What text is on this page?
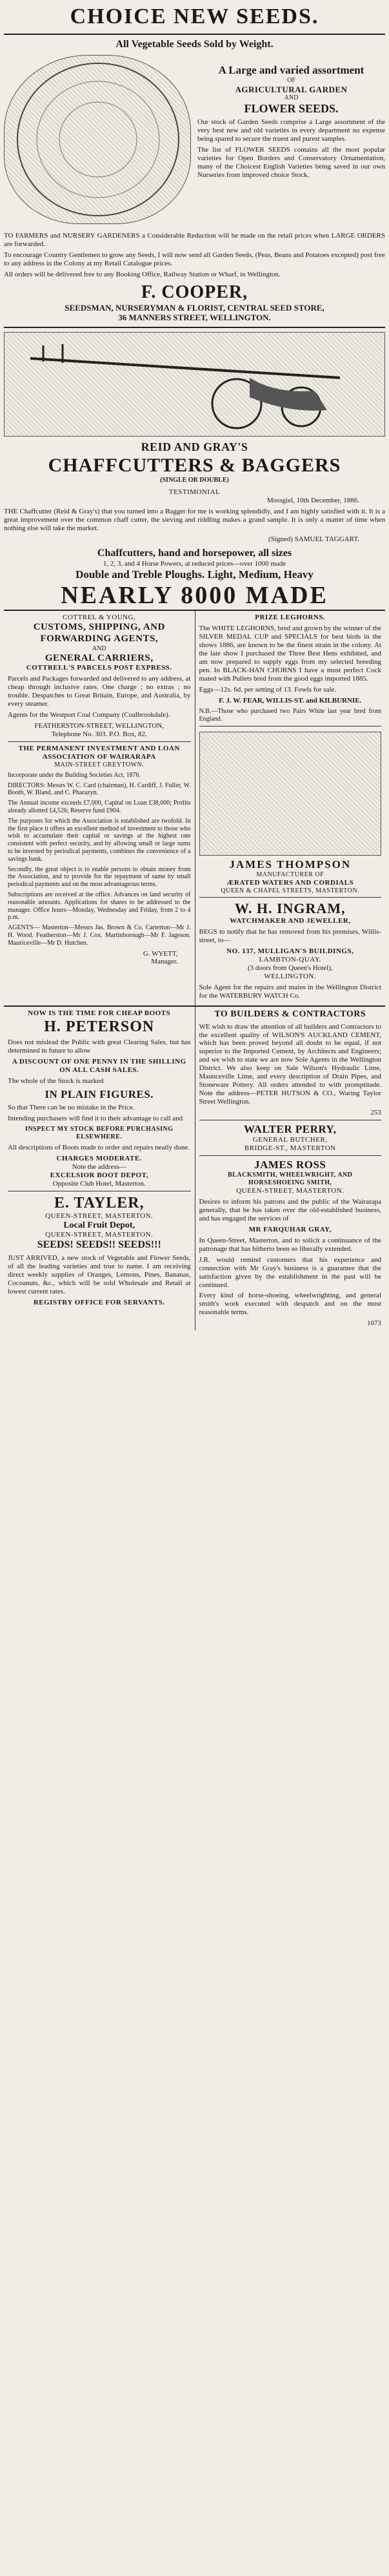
CHOICE NEW SEEDS.
All Vegetable Seeds Sold by Weight.
A Large and varied assortment
OF
AGRICULTURAL GARDEN
AND
FLOWER SEEDS.

Our stock of Garden Seeds comprise a Large assortment of the very best new and old varieties in every department no expense being spared to secure the truest and purest samples.

The list of FLOWER SEEDS contains all the most popular varieties for Open Borders and Conservatory Ornamentation, many of the Choicest English Varieties being saved in our own Nurseries from improved choice Stock.

TO FARMERS and NURSERY GARDENERS a Considerable Reduction will be made on the retail prices when LARGE ORDERS are forwarded.

To encourage Country Gentlemen to grow any Seeds, I will now send all Garden Seeds, (Peas, Beans and Potatoes excepted) post free to any address in the Colony at my Retail Catalogue prices.

All orders will be delivered free to any Booking Office, Railway Station or Wharf, in Wellington.

F. COOPER,
SEEDSMAN, NURSERYMAN & FLORIST, CENTRAL SEED STORE,
36 MANNERS STREET, WELLINGTON.
REID AND GRAY'S
CHAFFCUTTERS & BAGGERS
(SINGLE OR DOUBLE)
TESTIMONIAL
Mossgiel, 10th December, 1886.

THE Chaffcutter (Reid & Gray's) that you turned into a Bagger for me is working splendidly, and I am highly satisfied with it. It is a great improvement over the common chaff cutter, the sieving and riddling makes a grand sample. It is only a matter of time when nothing else will take the market.

(Signed) SAMUEL TAGGART.
Chaffcutters, hand and horsepower, all sizes
1, 2, 3, and 4 Horse Powers, at reduced prices—over 1000 made
Double and Treble Ploughs. Light, Medium, Heavy
NEARLY 8000 MADE
COTTREL & YOUNG,
CUSTOMS, SHIPPING, AND FORWARDING AGENTS,
AND
GENERAL CARRIERS,
COTTRELL'S PARCELS POST EXPRESS.

Parcels and Packages forwarded and delivered to any address, at cheap through inclusive rates. One charge ; no extras ; no trouble. Despatches to Great Britain, Europe, and Australia, by every steamer.

Agents for the Westport Coal Company (Coalbrookdale).

FEATHERSTON-STREET, WELLINGTON,
Telephone No. 303. P.O. Box, 82.
THE PERMANENT INVESTMENT AND LOAN ASSOCIATION OF WAIRARAPA
MAIN-STREET GREYTOWN.

Incorporate under the Building Societies Act, 1876.

DIRECTORS: Messrs W. C. Card (chairman), H. Cardiff, J. Fuller, W. Booth, W. Bland, and C. Pharazyn.

The Annual income exceeds £7,000, Capital on Loan £38,000; Profits already allotted £4,526; Reserve fund £904.

The purposes for which the Association is established are twofold. In the first place it offers an excellent method of investment to those who wish to accumulate their capital or savings at the highest rate consistent with perfect security, and by allowing small or large sums to be invested by periodical payments, combines the convenience of a savings bank.

Secondly, the great object is to enable persons to obtain money from the Association, and to provide for the repayment of same by small periodical payments and on the most advantageous terms.

Subscriptions are received at the office. Advances on land security of reasonable amounts. Applications for shares to be addressed to the manager. Office hours—Monday, Wednesday and Friday, from 2 to 4 p.m.

AGENTS— Masterton—Messrs Jas. Brown & Co. Carterton—Mr J. H. Wood. Featherston—Mr J. Cox. Martinborough—Mr F. Jageson. Mauriceville—Mr D. Hutchen.

G. WYETT,
Manager.
PRIZE LEGHORNS.

The WHITE LEGHORNS, bred and grown by the winner of the SILVER MEDAL CUP and SPECIALS for best birds in the shows 1886, are known to be the finest strain in the colony. At the late show I purchased the Three Best Hens exhibited, and am now prepared to supply eggs from my selected breeding pen. In BLACK-HAN CHORNS I have a most perfect Cock mated with Pullets bred from the good eggs imported 1885.

Eggs—12s. 6d. per setting of 13. Fowls for sale.

F. J. W. FEAR, WILLIS-ST. and KILBURNIE.

N.B.—Those who purchased two Pairs White last year bred from England.

JAMES THOMPSON
MANUFACTURER OF
ÆRATED WATERS AND CORDIALS
QUEEN & CHAPEL STREETS, MASTERTON.
W. H. INGRAM,
WATCHMAKER AND JEWELLER,

BEGS to notify that he has removed from his premises, Willis-street, to—

NO. 137, MULLIGAN'S BUILDINGS,
LAMBTON-QUAY.
(3 doors from Queen's Hotel),
WELLINGTON.

Sole Agent for the repairs and mains in the Wellington District for the WATERBURY WATCH Co.

NOW IS THE TIME FOR CHEAP BOOTS
H. PETERSON

Does not mislead the Public with great Clearing Sales, but has determined in future to allow

A DISCOUNT OF ONE PENNY IN THE SHILLING ON ALL CASH SALES.

The whole of the Stock is marked

IN PLAIN FIGURES.

So that There can be no mistake in the Price.

Intending purchasers will find it to their advantage to call and

INSPECT MY STOCK BEFORE PURCHASING ELSEWHERE.

All descriptions of Boots made to order and repairs neatly done.

CHARGES MODERATE.
Note the address—
EXCELSIOR BOOT DEPOT,
Opposite Club Hotel, Masterton.
E. TAYLER,
QUEEN-STREET, MASTERTON.
Local Fruit Depot,
QUEEN-STREET, MASTERTON.
SEEDS! SEEDS!! SEEDS!!!

JUST ARRIVED, a new stock of Vegetable and Flower Seeds, of all the leading varieties and true to name. I am receiving direct weekly supplies of Oranges, Lemons, Pines, Bananas, Cocoanuts, &c., which will be sold Wholesale and Retail at lowest current rates.

REGISTRY OFFICE FOR SERVANTS.
TO BUILDERS & CONTRACTORS

WE wish to draw the attention of all builders and Contractors to the excellent quality of WILSON'S AUCKLAND CEMENT, which has been proved beyond all doubt to be equal, if not superior to the Imported Cement, by Architects and Engineers; and we wish to state we are now Sole Agents in the Wellington District. We also keep on Sale Wilson's Hydraulic Lime, Maunceville Lime, and every description of Drain Pipes, and Stoneware Pottery. All orders attended to with promptitude. Note the address—PETER HUTSON & CO., Waring Taylor Street Wellington.

253
WALTER PERRY,
GENERAL BUTCHER,
BRIDGE-ST., MASTERTON
JAMES ROSS
BLACKSMITH, WHEELWRIGHT, AND HORSESHOEING SMITH,
QUEEN-STREET, MASTERTON.

Desires to inform his patrons and the public of the Wairarapa generally, that he has taken over the old-established business, and has engaged the services of

MR FARQUHAR GRAY,

In Queen-Street, Masterton, and to solicit a continuance of the patronage that has hitherto been so liberally extended.

J.R. would remind customers that his experience and connection with Mr Gray's business is a guarantee that the satisfaction given by the establishment in the past will be continued.

Every kind of horse-shoeing, wheelwrighting, and general smith's work executed with despatch and on the most reasonable terms.

1073
